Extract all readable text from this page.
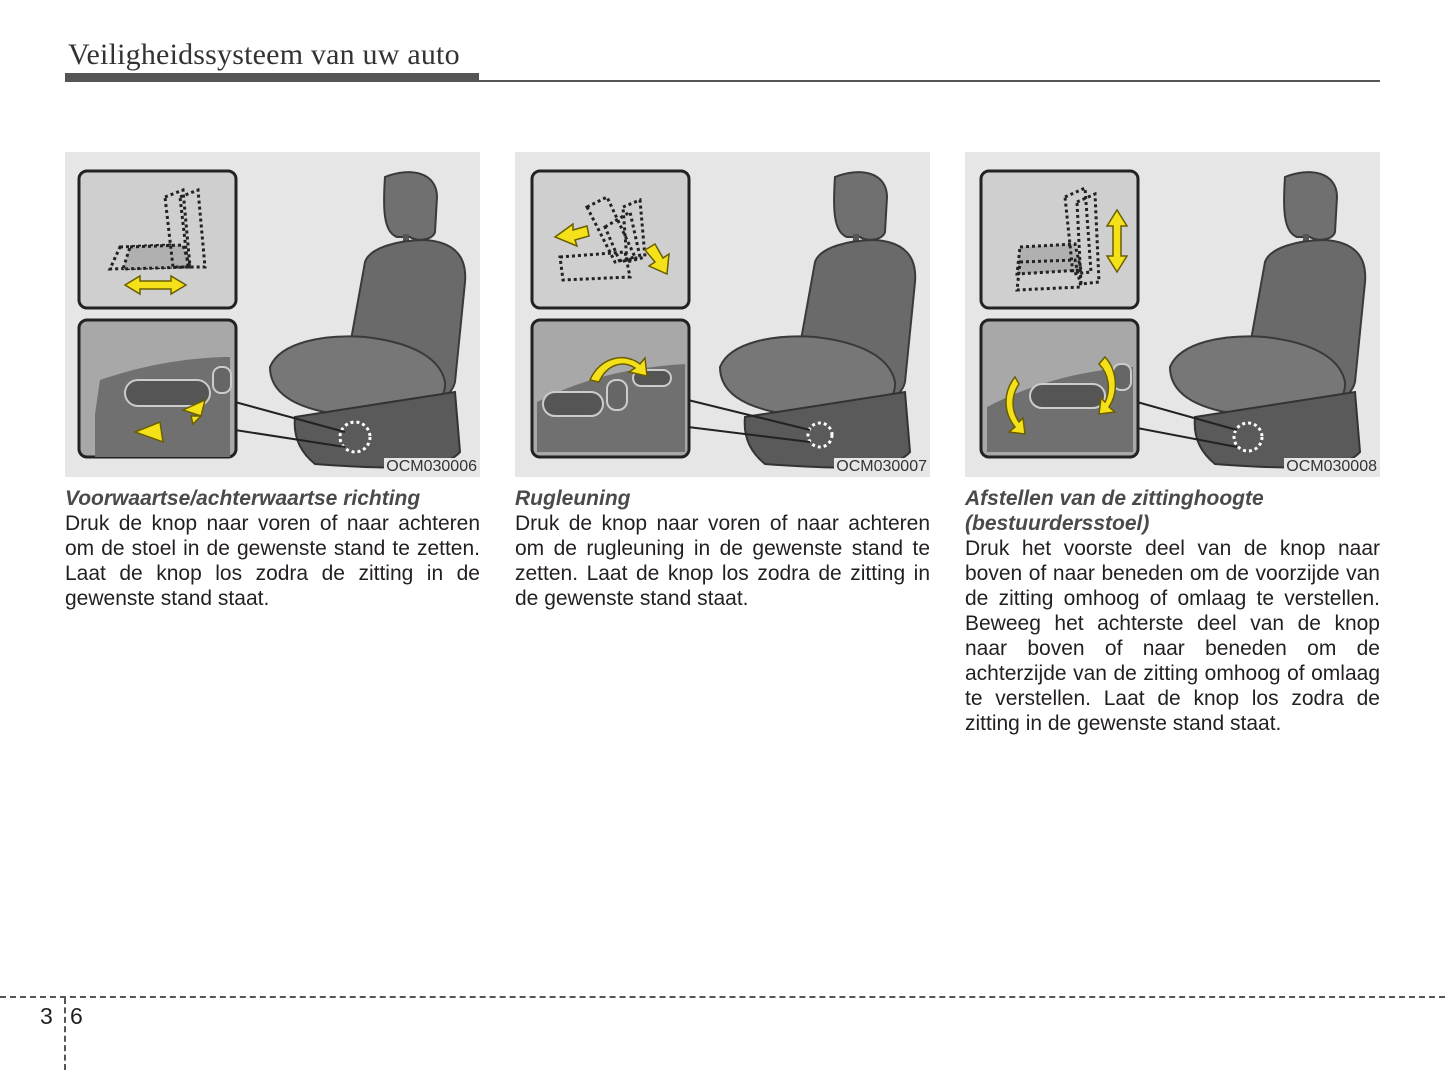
Veiligheidssysteem van uw auto
OCM030006
Voorwaartse/achterwaartse richting

Druk de knop naar voren of naar achteren om de stoel in de gewenste stand te zetten. Laat de knop los zodra de zitting in de gewenste stand staat.

OCM030007
Rugleuning

Druk de knop naar voren of naar achteren om de rugleuning in de gewenste stand te zetten. Laat de knop los zodra de zitting in de gewenste stand staat.

OCM030008
Afstellen van de zittinghoogte
(bestuurdersstoel)

Druk het voorste deel van de knop naar boven of naar beneden om de voorzijde van de zitting omhoog of omlaag te verstellen. Beweeg het achterste deel van de knop naar boven of naar beneden om de achterzijde van de zitting omhoog of omlaag te verstellen. Laat de knop los zodra de zitting in de gewenste stand staat.

3 6
